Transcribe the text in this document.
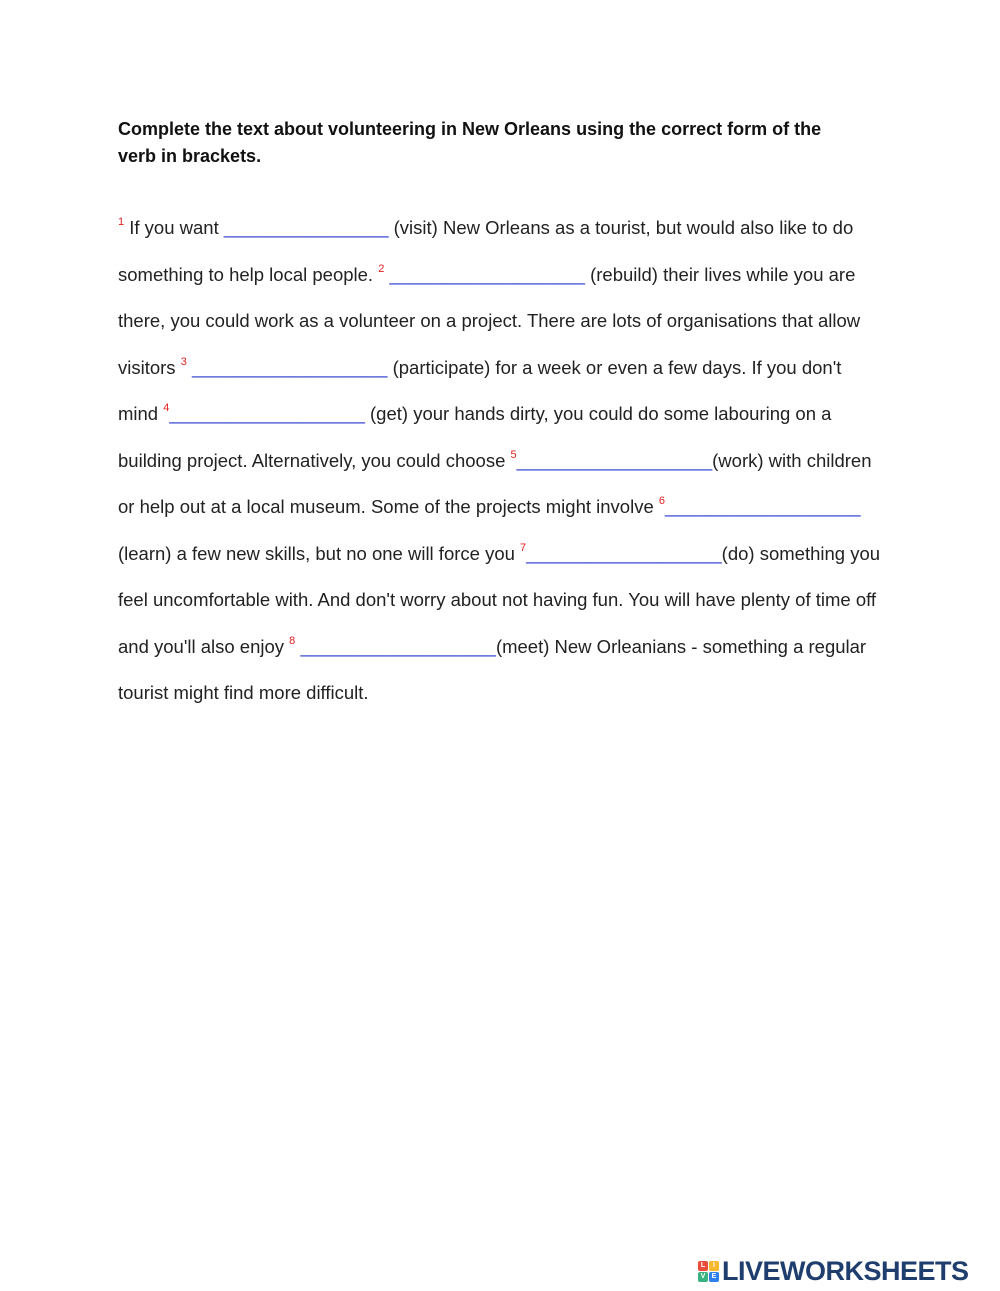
Complete the text about volunteering in New Orleans using the correct form of the
verb in brackets.
$^1$ If you want ________________ (visit) New Orleans as a tourist, but would also like to do
something to help local people. $^2$ ___________________ (rebuild) their lives while you are
there, you could work as a volunteer on a project. There are lots of organisations that allow
visitors $^3$ ___________________ (participate) for a week or even a few days. If you don't
mind $^4$___________________ (get) your hands dirty, you could do some labouring on a
building project. Alternatively, you could choose $^5$___________________(work) with children
or help out at a local museum. Some of the projects might involve $^6$___________________
(learn) a few new skills, but no one will force you $^7$___________________(do) something you
feel uncomfortable with. And don't worry about not having fun. You will have plenty of time off
and you'll also enjoy $^8$ ___________________(meet) New Orleanians - something a regular
tourist might find more difficult.
L	I
V E LIVEWORKSHEETS
